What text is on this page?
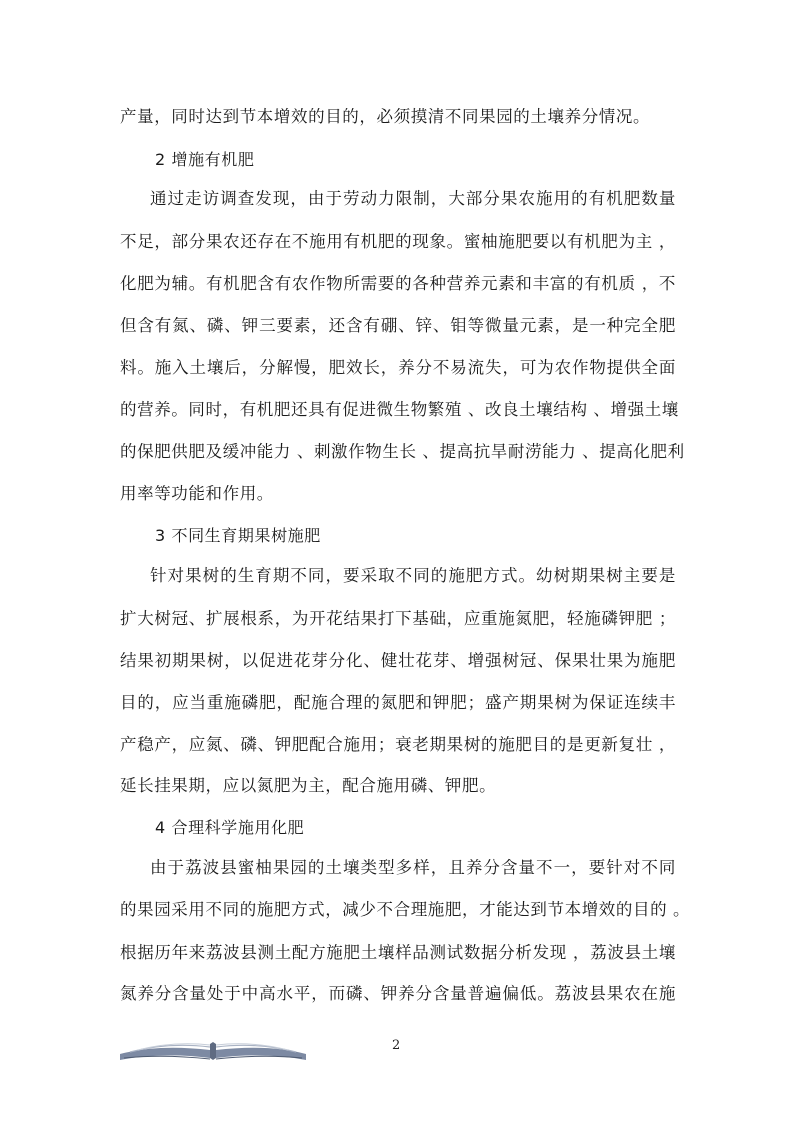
产量，同时达到节本增效的目的，必须摸清不同果园的土壤养分情况。
2 增施有机肥
通过走访调查发现，由于劳动力限制，大部分果农施用的有机肥数量
不足，部分果农还存在不施用有机肥的现象。蜜柚施肥要以有机肥为主 ，
化肥为辅。有机肥含有农作物所需要的各种营养元素和丰富的有机质 ，不
但含有氮、磷、钾三要素，还含有硼、锌、钼等微量元素，是一种完全肥
料。施入土壤后，分解慢，肥效长，养分不易流失，可为农作物提供全面
的营养。同时，有机肥还具有促进微生物繁殖 、改良土壤结构 、增强土壤
的保肥供肥及缓冲能力 、刺激作物生长 、提高抗旱耐涝能力 、提高化肥利
用率等功能和作用。
3 不同生育期果树施肥
针对果树的生育期不同，要采取不同的施肥方式。幼树期果树主要是
扩大树冠、扩展根系，为开花结果打下基础，应重施氮肥，轻施磷钾肥 ；
结果初期果树，以促进花芽分化、健壮花芽、增强树冠、保果壮果为施肥
目的，应当重施磷肥，配施合理的氮肥和钾肥；盛产期果树为保证连续丰
产稳产，应氮、磷、钾肥配合施用；衰老期果树的施肥目的是更新复壮 ，
延长挂果期，应以氮肥为主，配合施用磷、钾肥。
4 合理科学施用化肥
由于荔波县蜜柚果园的土壤类型多样，且养分含量不一，要针对不同
的果园采用不同的施肥方式，减少不合理施肥，才能达到节本增效的目的 。
根据历年来荔波县测土配方施肥土壤样品测试数据分析发现 ，荔波县土壤
氮养分含量处于中高水平，而磷、钾养分含量普遍偏低。荔波县果农在施
2
